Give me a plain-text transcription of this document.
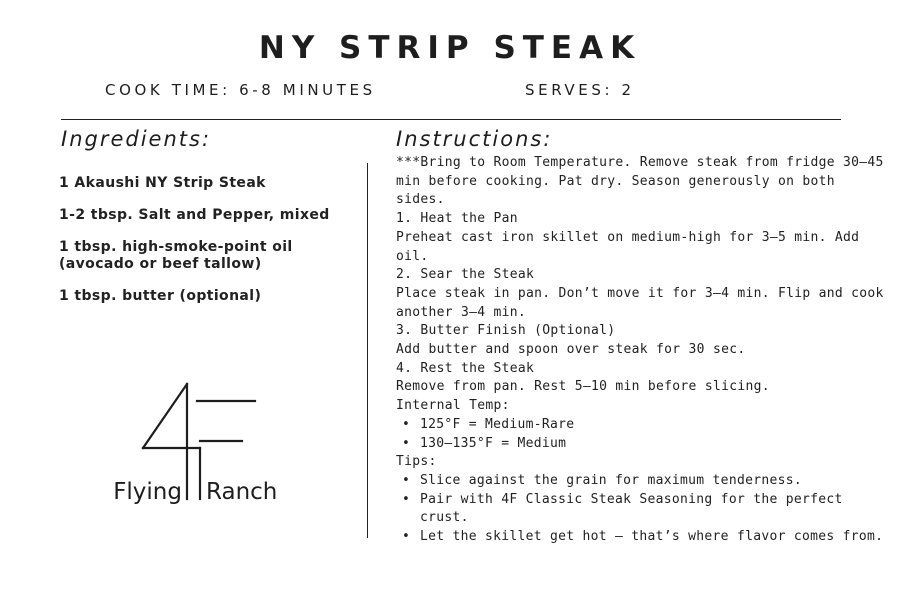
NY STRIP STEAK
COOK TIME: 6-8 MINUTES	SERVES: 2
Ingredients:
1 Akaushi NY Strip Steak
1-2 tbsp. Salt and Pepper, mixed
1 tbsp. high-smoke-point oil (avocado or beef tallow)
1 tbsp. butter (optional)
Flying Ranch
Instructions:

***Bring to Room Temperature. Remove steak from fridge 30–45 min before cooking. Pat dry. Season generously on both sides.

1. Heat the Pan

Preheat cast iron skillet on medium-high for 3–5 min. Add oil.

2. Sear the Steak

Place steak in pan. Don’t move it for 3–4 min. Flip and cook another 3–4 min.

3. Butter Finish (Optional)

Add butter and spoon over steak for 30 sec.

4. Rest the Steak

Remove from pan. Rest 5–10 min before slicing.

Internal Temp:

• 125°F = Medium-Rare
• 130–135°F = Medium

Tips:

• Slice against the grain for maximum tenderness.
• Pair with 4F Classic Steak Seasoning for the perfect crust.
• Let the skillet get hot — that’s where flavor comes from.
